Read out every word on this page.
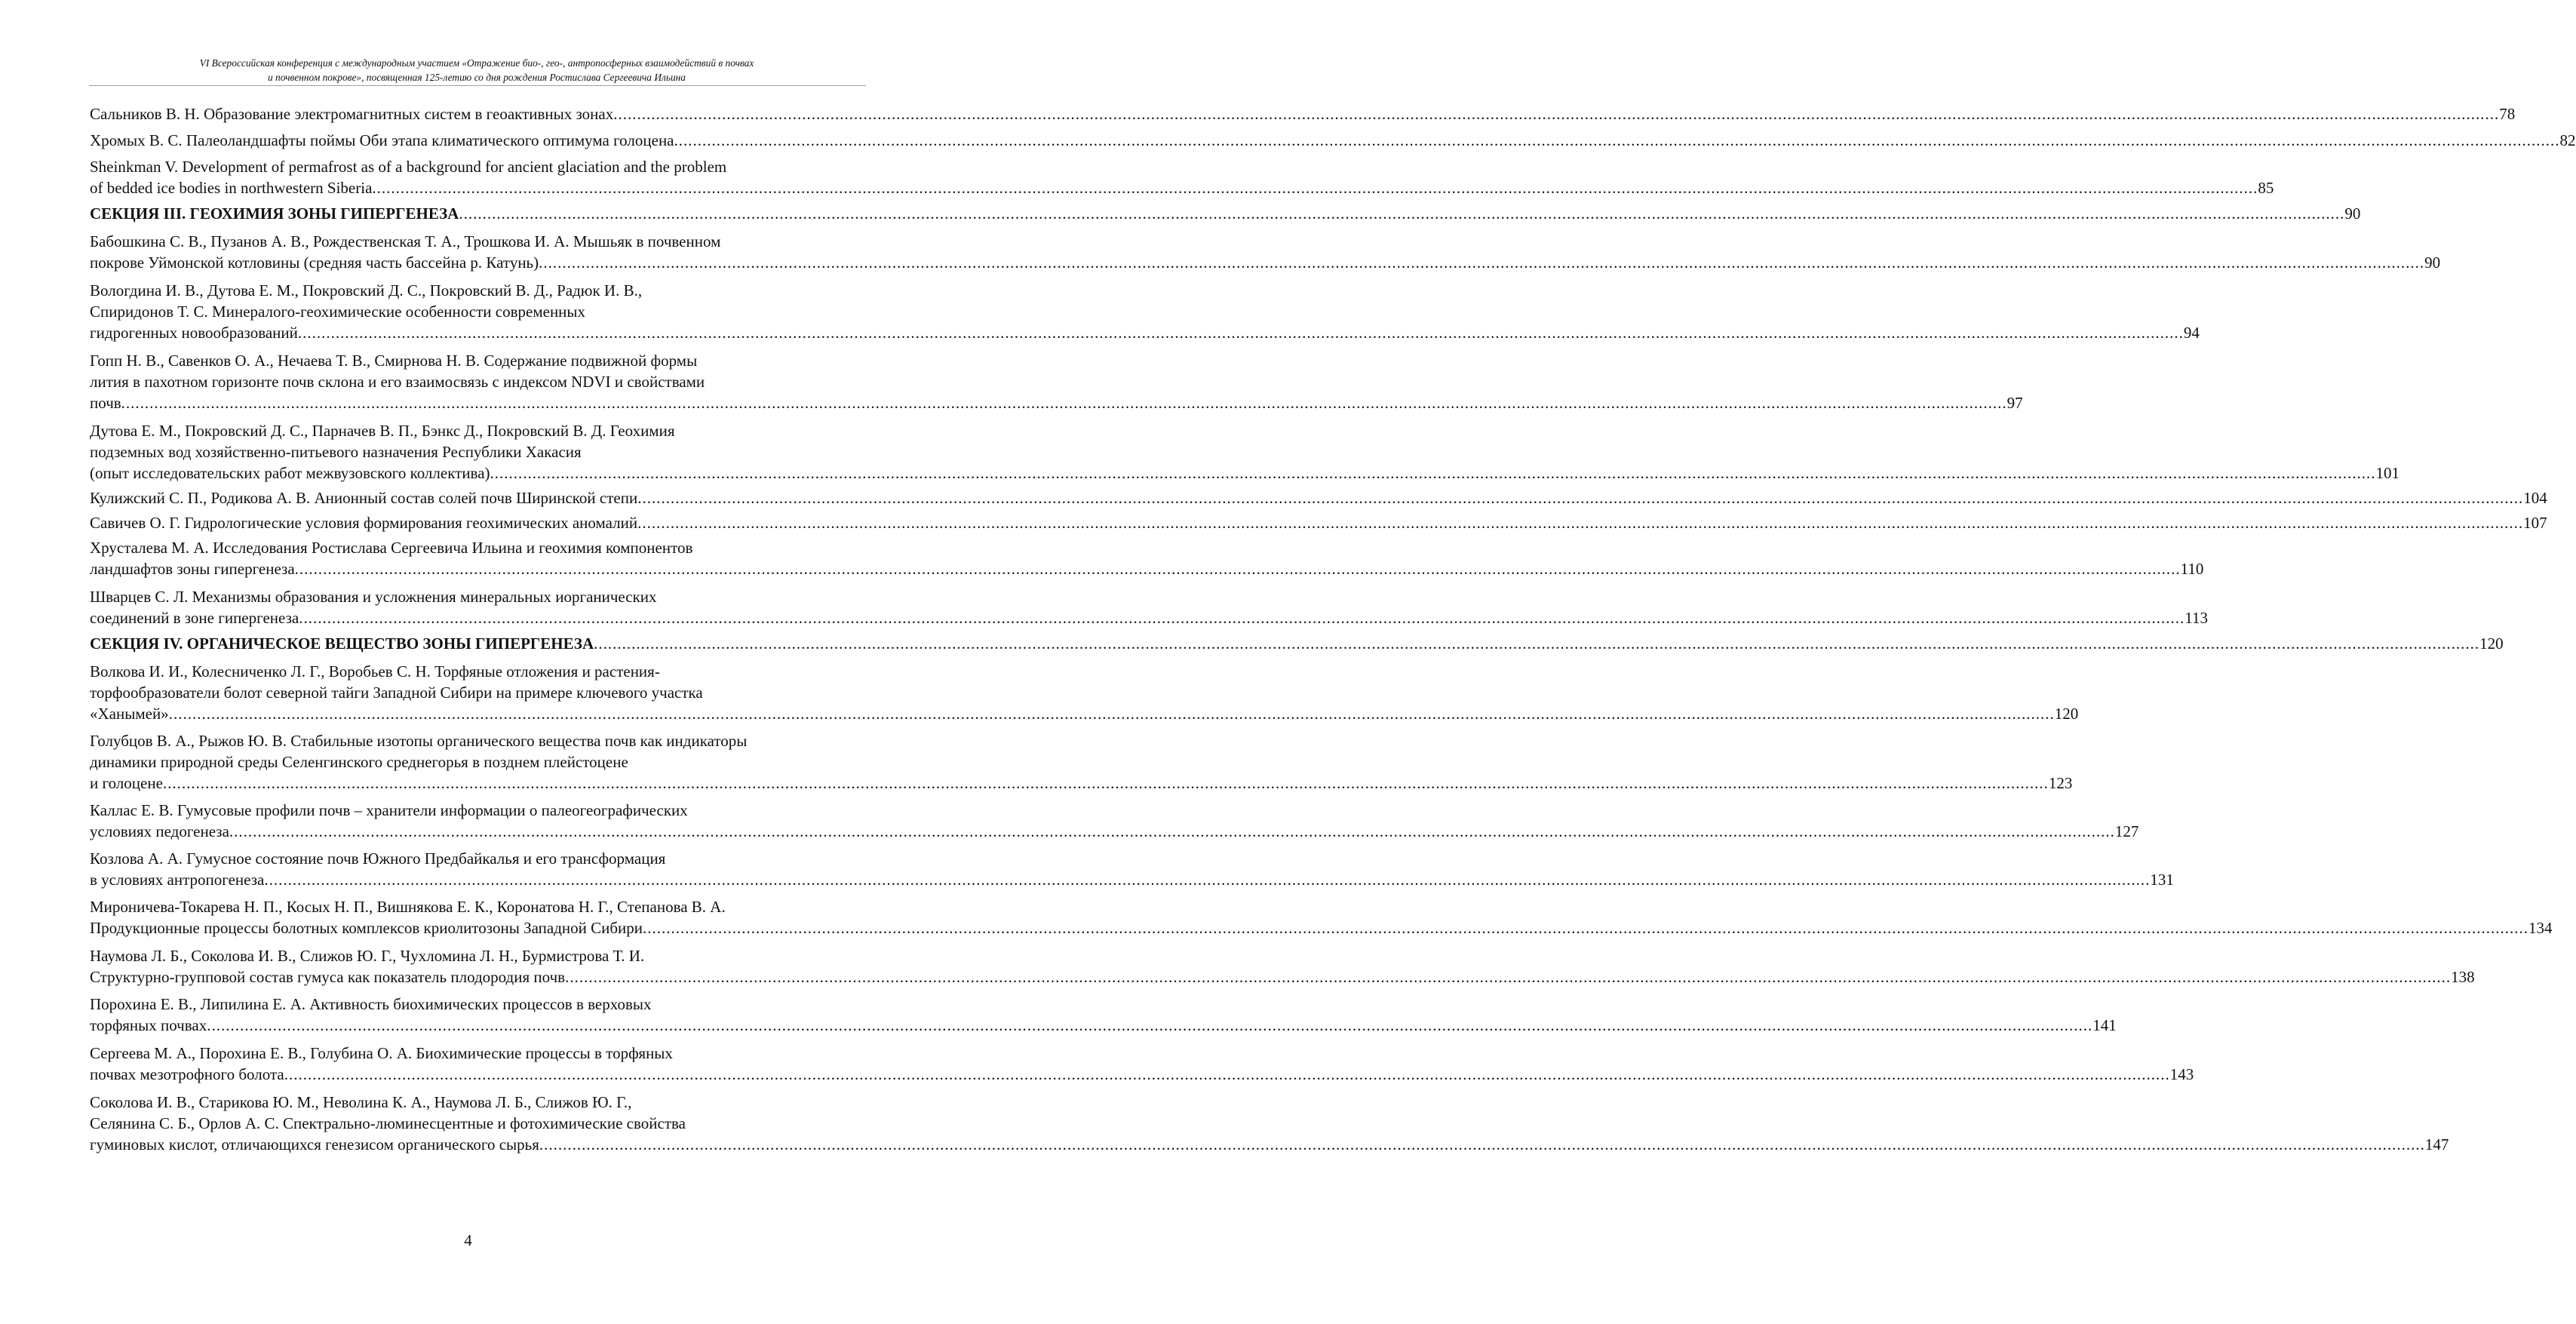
VI Всероссийская конференция с международным участием «Отражение био-, гео-, антропосферных взаимодействий в почвах
и почвенном покрове», посвященная 125-летию со дня рождения Ростислава Сергеевича Ильина
Сальников В. Н. Образование электромагнитных систем в геоактивных зонах ................................................................................................................................................................................................................................................................................................................................................................................................................ 78
Хромых В. С. Палеоландшафты поймы Оби этапа климатического оптимума голоцена ................................................................................................................................................................................................................................................................................................................................................................................................................ 82
Sheinkman V. Development of permafrost as of a background for ancient glaciation and the problem
of bedded ice bodies in northwestern Siberia ................................................................................................................................................................................................................................................................................................................................................................................................................ 85
СЕКЦИЯ III. ГЕОХИМИЯ ЗОНЫ ГИПЕРГЕНЕЗА ................................................................................................................................................................................................................................................................................................................................................................................................................ 90
Бабошкина С. В., Пузанов А. В., Рождественская Т. А., Трошкова И. А. Мышьяк в почвенном
покрове Уймонской котловины (средняя часть бассейна р. Катунь) ................................................................................................................................................................................................................................................................................................................................................................................................................ 90
Вологдина И. В., Дутова Е. М., Покровский Д. С., Покровский В. Д., Радюк И. В.,
Спиридонов Т. С. Минералого-геохимические особенности современных
гидрогенных новообразований ................................................................................................................................................................................................................................................................................................................................................................................................................ 94
Гопп Н. В., Савенков О. А., Нечаева Т. В., Смирнова Н. В. Содержание подвижной формы
лития в пахотном горизонте почв склона и его взаимосвязь с индексом NDVI и свойствами
почв ................................................................................................................................................................................................................................................................................................................................................................................................................ 97
Дутова Е. М., Покровский Д. С., Парначев В. П., Бэнкс Д., Покровский В. Д. Геохимия
подземных вод хозяйственно-питьевого назначения Республики Хакасия
(опыт исследовательских работ межвузовского коллектива) ................................................................................................................................................................................................................................................................................................................................................................................................................ 101
Кулижский С. П., Родикова А. В. Анионный состав солей почв Ширинской степи ................................................................................................................................................................................................................................................................................................................................................................................................................ 104
Савичев О. Г. Гидрологические условия формирования геохимических аномалий ................................................................................................................................................................................................................................................................................................................................................................................................................ 107
Хрусталева М. А. Исследования Ростислава Сергеевича Ильина и геохимия компонентов
ландшафтов зоны гипергенеза ................................................................................................................................................................................................................................................................................................................................................................................................................ 110
Шварцев С. Л. Механизмы образования и усложнения минеральных иорганических
соединений в зоне гипергенеза ................................................................................................................................................................................................................................................................................................................................................................................................................ 113
СЕКЦИЯ IV. ОРГАНИЧЕСКОЕ ВЕЩЕСТВО ЗОНЫ ГИПЕРГЕНЕЗА ................................................................................................................................................................................................................................................................................................................................................................................................................ 120
Волкова И. И., Колесниченко Л. Г., Воробьев С. Н. Торфяные отложения и растения-
торфообразователи болот северной тайги Западной Сибири на примере ключевого участка
«Ханымей» ................................................................................................................................................................................................................................................................................................................................................................................................................ 120
Голубцов В. А., Рыжов Ю. В. Стабильные изотопы органического вещества почв как индикаторы
динамики природной среды Селенгинского среднегорья в позднем плейстоцене
и голоцене ................................................................................................................................................................................................................................................................................................................................................................................................................ 123
Каллас Е. В. Гумусовые профили почв – хранители информации о палеогеографических
условиях педогенеза ................................................................................................................................................................................................................................................................................................................................................................................................................ 127
Козлова А. А. Гумусное состояние почв Южного Предбайкалья и его трансформация
в условиях антропогенеза ................................................................................................................................................................................................................................................................................................................................................................................................................ 131
Мироничева-Токарева Н. П., Косых Н. П., Вишнякова Е. К., Коронатова Н. Г., Степанова В. А.
Продукционные процессы болотных комплексов криолитозоны Западной Сибири ................................................................................................................................................................................................................................................................................................................................................................................................................ 134
Наумова Л. Б., Соколова И. В., Слижов Ю. Г., Чухломина Л. Н., Бурмистрова Т. И.
Структурно-групповой состав гумуса как показатель плодородия почв ................................................................................................................................................................................................................................................................................................................................................................................................................ 138
Порохина Е. В., Липилина Е. А. Активность биохимических процессов в верховых
торфяных почвах ................................................................................................................................................................................................................................................................................................................................................................................................................ 141
Сергеева М. А., Порохина Е. В., Голубина О. А. Биохимические процессы в торфяных
почвах мезотрофного болота ................................................................................................................................................................................................................................................................................................................................................................................................................ 143
Соколова И. В., Старикова Ю. М., Неволина К. А., Наумова Л. Б., Слижов Ю. Г.,
Селянина С. Б., Орлов А. С. Спектрально-люминесцентные и фотохимические свойства
гуминовых кислот, отличающихся генезисом органического сырья ................................................................................................................................................................................................................................................................................................................................................................................................................ 147
4
